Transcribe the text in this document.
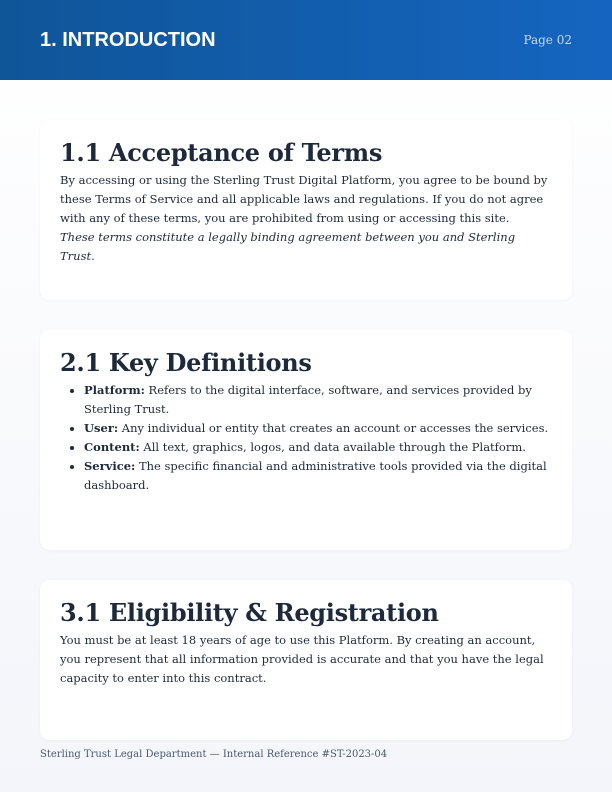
1. INTRODUCTION	Page 02
1.1 Acceptance of Terms

By accessing or using the Sterling Trust Digital Platform, you agree to be bound by these Terms of Service and all applicable laws and regulations. If you do not agree with any of these terms, you are prohibited from using or accessing this site.

These terms constitute a legally binding agreement between you and Sterling Trust.

2.1 Key Definitions
• Platform: Refers to the digital interface, software, and services provided by Sterling Trust.
• User: Any individual or entity that creates an account or accesses the services.
• Content: All text, graphics, logos, and data available through the Platform.
• Service: The specific financial and administrative tools provided via the digital dashboard.
3.1 Eligibility & Registration

You must be at least 18 years of age to use this Platform. By creating an account, you represent that all information provided is accurate and that you have the legal capacity to enter into this contract.

Sterling Trust Legal Department — Internal Reference #ST-2023-04
